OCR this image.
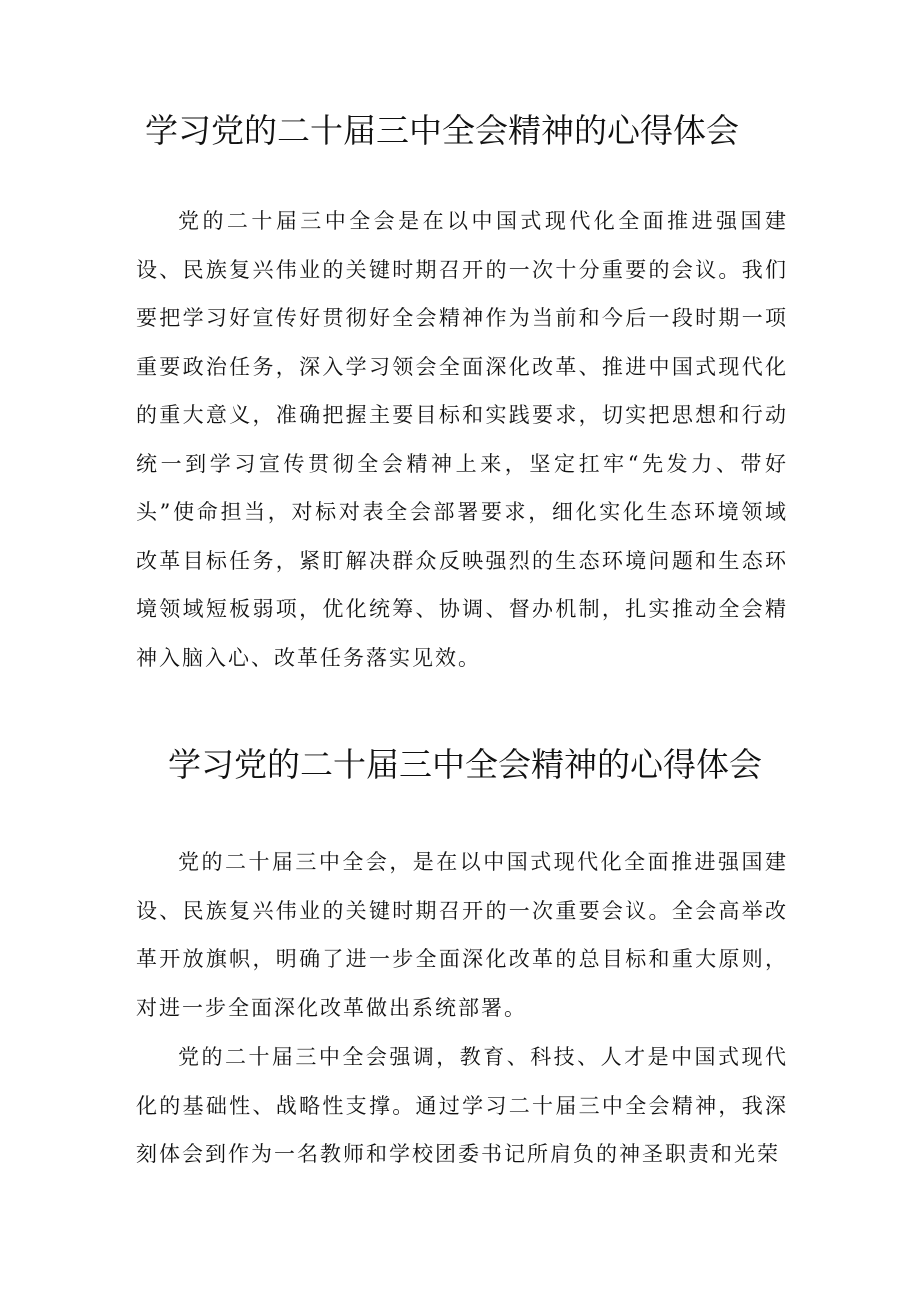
学习党的二十届三中全会精神的心得体会

党的二十届三中全会是在以中国式现代化全面推进强国建设、民族复兴伟业的关键时期召开的一次十分重要的会议。我们要把学习好宣传好贯彻好全会精神作为当前和今后一段时期一项重要政治任务，深入学习领会全面深化改革、推进中国式现代化的重大意义，准确把握主要目标和实践要求，切实把思想和行动统一到学习宣传贯彻全会精神上来，坚定扛牢“先发力、带好头”使命担当，对标对表全会部署要求，细化实化生态环境领域改革目标任务，紧盯解决群众反映强烈的生态环境问题和生态环境领域短板弱项，优化统筹、协调、督办机制，扎实推动全会精神入脑入心、改革任务落实见效。

学习党的二十届三中全会精神的心得体会

党的二十届三中全会，是在以中国式现代化全面推进强国建设、民族复兴伟业的关键时期召开的一次重要会议。全会高举改革开放旗帜，明确了进一步全面深化改革的总目标和重大原则，对进一步全面深化改革做出系统部署。

党的二十届三中全会强调，教育、科技、人才是中国式现代化的基础性、战略性支撑。通过学习二十届三中全会精神，我深刻体会到作为一名教师和学校团委书记所肩负的神圣职责和光荣
